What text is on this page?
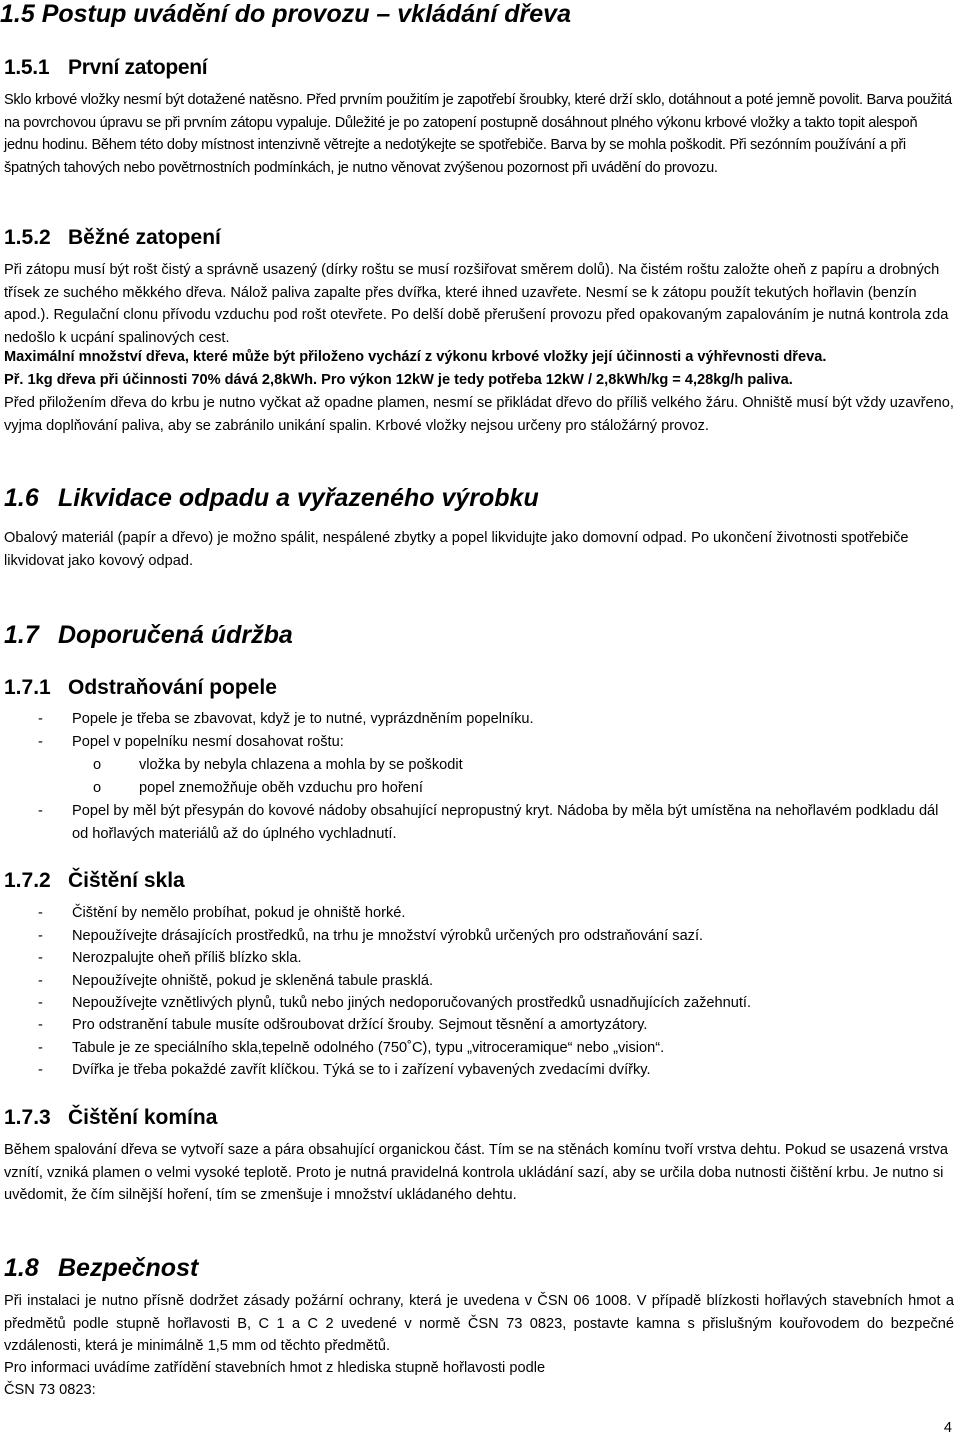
1.5 Postup uvádění do provozu – vkládání dřeva
1.5.1 První zatopení

Sklo krbové vložky nesmí být dotažené natěsno. Před prvním použitím je zapotřebí šroubky, které drží sklo, dotáhnout a poté jemně povolit. Barva použitá na povrchovou úpravu se při prvním zátopu vypaluje. Důležité je po zatopení postupně dosáhnout plného výkonu krbové vložky a takto topit alespoň jednu hodinu. Během této doby místnost intenzivně větrejte a nedotýkejte se spotřebiče. Barva by se mohla poškodit. Při sezónním používání a při špatných tahových nebo povětrnostních podmínkách, je nutno věnovat zvýšenou pozornost při uvádění do provozu.

1.5.2 Běžné zatopení

Při zátopu musí být rošt čistý a správně usazený (dírky roštu se musí rozšiřovat směrem dolů). Na čistém roštu založte oheň z papíru a drobných třísek ze suchého měkkého dřeva. Nálož paliva zapalte přes dvířka, které ihned uzavřete. Nesmí se k zátopu použít tekutých hořlavin (benzín apod.). Regulační clonu přívodu vzduchu pod rošt otevřete. Po delší době přerušení provozu před opakovaným zapalováním je nutná kontrola zda nedošlo k ucpání spalinových cest.

Maximální množství dřeva, které může být přiloženo vychází z výkonu krbové vložky její účinnosti a výhřevnosti dřeva.

Př. 1kg dřeva při účinnosti 70% dává 2,8kWh. Pro výkon 12kW je tedy potřeba 12kW / 2,8kWh/kg = 4,28kg/h paliva.

Před přiložením dřeva do krbu je nutno vyčkat až opadne plamen, nesmí se přikládat dřevo do příliš velkého žáru. Ohniště musí být vždy uzavřeno, vyjma doplňování paliva, aby se zabránilo unikání spalin. Krbové vložky nejsou určeny pro stáložárný provoz.

1.6 Likvidace odpadu a vyřazeného výrobku

Obalový materiál (papír a dřevo) je možno spálit, nespálené zbytky a popel likvidujte jako domovní odpad. Po ukončení životnosti spotřebiče likvidovat jako kovový odpad.

1.7 Doporučená údržba
1.7.1 Odstraňování popele
- Popele je třeba se zbavovat, když je to nutné, vyprázdněním popelníku.
- Popel v popelníku nesmí dosahovat roštu:
o	vložka by nebyla chlazena a mohla by se poškodit
o	popel znemožňuje oběh vzduchu pro hoření
- Popel by měl být přesypán do kovové nádoby obsahující nepropustný kryt. Nádoba by měla být umístěna na nehořlavém podkladu dál od hořlavých materiálů až do úplného vychladnutí.
1.7.2 Čištění skla
- Čištění by nemělo probíhat, pokud je ohniště horké.
- Nepoužívejte drásajících prostředků, na trhu je množství výrobků určených pro odstraňování sazí.
- Nerozpalujte oheň příliš blízko skla.
- Nepoužívejte ohniště, pokud je skleněná tabule prasklá.
- Nepoužívejte vznětlivých plynů, tuků nebo jiných nedoporučovaných prostředků usnadňujících zažehnutí.
- Pro odstranění tabule musíte odšroubovat držící šrouby. Sejmout těsnění a amortyzátory.
- Tabule je ze speciálního skla,tepelně odolného (750˚C), typu „vitroceramique“ nebo „vision“.
- Dvířka je třeba pokaždé zavřít klíčkou. Týká se to i zařízení vybavených zvedacími dvířky.
1.7.3 Čištění komína

Během spalování dřeva se vytvoří saze a pára obsahující organickou část. Tím se na stěnách komínu tvoří vrstva dehtu. Pokud se usazená vrstva vznítí, vzniká plamen o velmi vysoké teplotě. Proto je nutná pravidelná kontrola ukládání sazí, aby se určila doba nutnosti čištění krbu. Je nutno si uvědomit, že čím silnější hoření, tím se zmenšuje i množství ukládaného dehtu.

1.8 Bezpečnost

Při instalaci je nutno přísně dodržet zásady požární ochrany, která je uvedena v ČSN 06 1008. V případě blízkosti hořlavých stavebních hmot a předmětů podle stupně hořlavosti B, C 1 a C 2 uvedené v normě ČSN 73 0823, postavte kamna s přislušným kouřovodem do bezpečné vzdálenosti, která je minimálně 1,5 mm od těchto předmětů.

Pro informaci uvádíme zatřídění stavebních hmot z hlediska stupně hořlavosti podle

ČSN 73 0823:

4
